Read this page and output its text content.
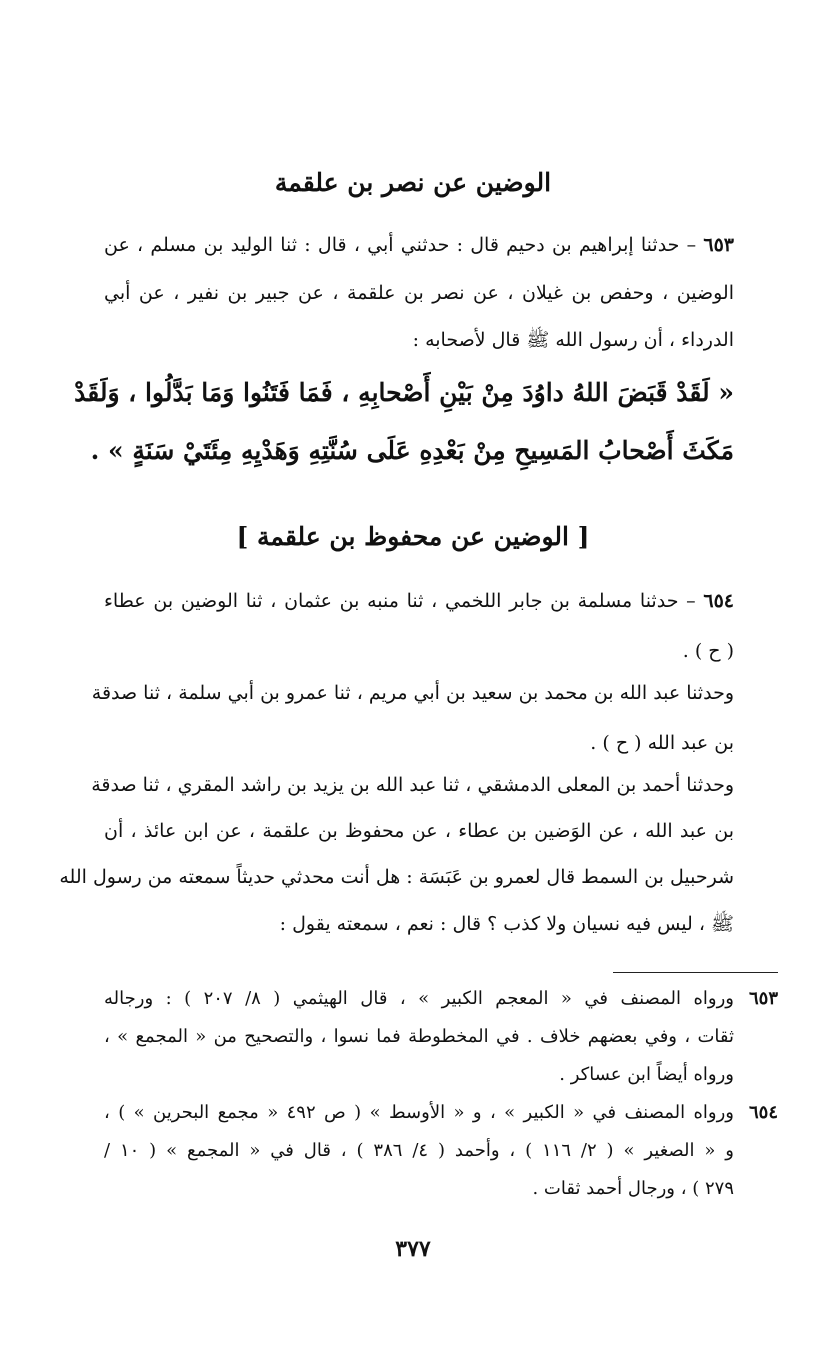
الوضين عن نصر بن علقمة
٦٥٣ – حدثنا إبراهيم بن دحيم قال : حدثني أبي ، قال : ثنا الوليد بن مسلم ، عن
الوضين ، وحفص بن غيلان ، عن نصر بن علقمة ، عن جبير بن نفير ، عن أبي
الدرداء ، أن رسول الله ﷺ قال لأصحابه :
« لَقَدْ قَبَضَ اللهُ داوُدَ مِنْ بَيْنِ أَصْحابِهِ ، فَمَا فَتَنُوا وَمَا بَدَّلُوا ، وَلَقَدْ
مَكَثَ أَصْحابُ المَسِيحِ مِنْ بَعْدِهِ عَلَى سُنَّتِهِ وَهَدْيِهِ مِئَتَيْ سَنَةٍ » .
[ الوضين عن محفوظ بن علقمة ]
٦٥٤ – حدثنا مسلمة بن جابر اللخمي ، ثنا منبه بن عثمان ، ثنا الوضين بن عطاء
( ح ) .
وحدثنا عبد الله بن محمد بن سعيد بن أبي مريم ، ثنا عمرو بن أبي سلمة ، ثنا صدقة
بن عبد الله ( ح ) .
وحدثنا أحمد بن المعلى الدمشقي ، ثنا عبد الله بن يزيد بن راشد المقري ، ثنا صدقة
بن عبد الله ، عن الوَضين بن عطاء ، عن محفوظ بن علقمة ، عن ابن عائذ ، أن
شرحبيل بن السمط قال لعمرو بن عَبَسَة : هل أنت محدثي حديثاً سمعته من رسول الله
ﷺ ، ليس فيه نسيان ولا كذب ؟ قال : نعم ، سمعته يقول :
٦٥٣
ورواه المصنف في « المعجم الكبير » ، قال الهيثمي ( ٨/ ٢٠٧ ) : ورجاله
ثقات ، وفي بعضهم خلاف . في المخطوطة فما نسوا ، والتصحيح من « المجمع » ،
ورواه أيضاً ابن عساكر .
٦٥٤
ورواه المصنف في « الكبير » ، و « الأوسط » ( ص ٤٩٢ « مجمع البحرين » ) ،
و « الصغير » ( ٢/ ١١٦ ) ، وأحمد ( ٤/ ٣٨٦ ) ، قال في « المجمع » ( ١٠ /
٢٧٩ ) ، ورجال أحمد ثقات .
٣٧٧
